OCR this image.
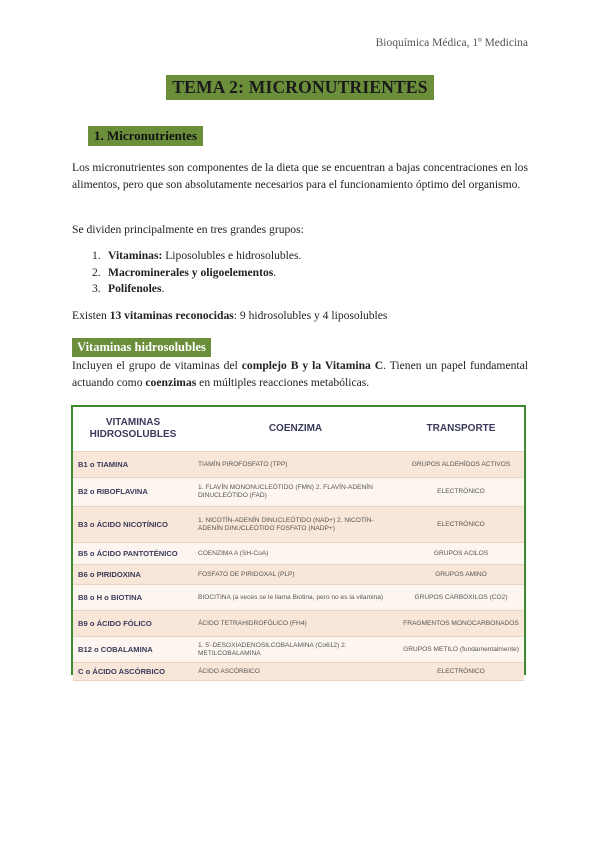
Bioquímica Médica, 1º Medicina
TEMA 2: MICRONUTRIENTES
1. Micronutrientes
Los micronutrientes son componentes de la dieta que se encuentran a bajas concentraciones en los alimentos, pero que son absolutamente necesarios para el funcionamiento óptimo del organismo.
Se dividen principalmente en tres grandes grupos:
1. Vitaminas: Liposolubles e hidrosolubles.
2. Macrominerales y oligoelementos.
3. Polifenoles.
Existen 13 vitaminas reconocidas: 9 hidrosolubles y 4 liposolubles
Vitaminas hidrosolubles
Incluyen el grupo de vitaminas del complejo B y la Vitamina C. Tienen un papel fundamental actuando como coenzimas en múltiples reacciones metabólicas.
VITAMINAS HIDROSOLUBLES	COENZIMA	TRANSPORTE
B1 o TIAMINA	TIAMÍN PIROFOSFATO (TPP)	GRUPOS ALDEHÍDOS ACTIVOS
B2 o RIBOFLAVINA	1. FLAVÍN MONONUCLEÓTIDO (FMN) 2. FLAVÍN-ADENÍN DINUCLEÓTIDO (FAD)	ELECTRÓNICO
B3 o ÁCIDO NICOTÍNICO	1. NICOTÍN-ADENÍN DINUCLEÓTIDO (NAD+) 2. NICOTÍN-ADENÍN DINUCLEÓTIDO FOSFATO (NADP+)	ELECTRÓNICO
B5 o ÁCIDO PANTOTÉNICO	COENZIMA A (SH-CoA)	GRUPOS ACILOS
B6 o PIRIDOXINA	FOSFATO DE PIRIDOXAL (PLP)	GRUPOS AMINO
B8 o H o BIOTINA	BIOCITINA (a veces se le llama Biotina, pero no es la vitamina)	GRUPOS CARBOXILOS (CO2)
B9 o ÁCIDO FÓLICO	ÁCIDO TETRAHIDROFÓLICO (FH4)	FRAGMENTOS MONOCARBONADOS
B12 o COBALAMINA	1. 5'-DESOXIADENOSILCOBALAMINA (Co612) 2. METILCOBALAMINA	GRUPOS METILO (fundamentalmente)
C o ÁCIDO ASCÓRBICO	ÁCIDO ASCÓRBICO	ELECTRÓNICO
